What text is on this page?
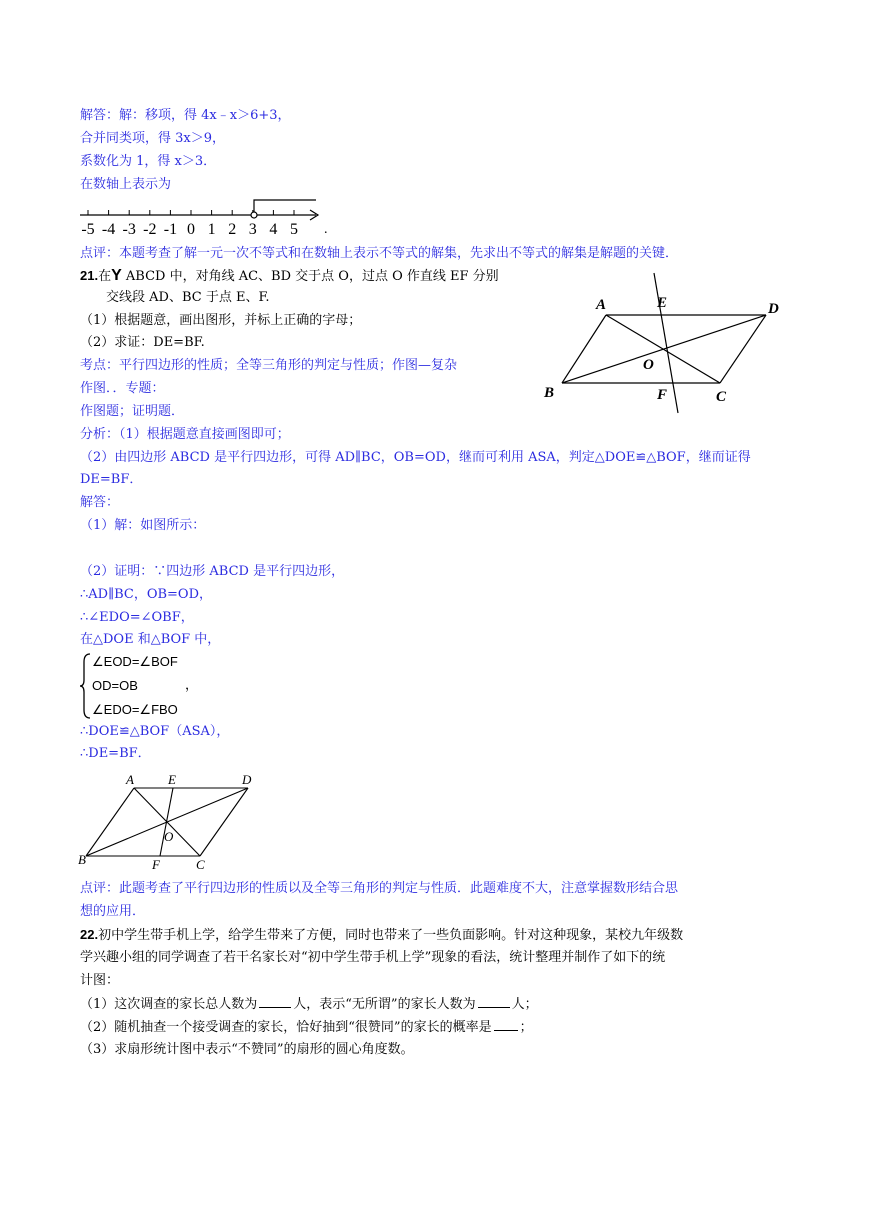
解答：解：移项，得 4x﹣x＞6+3，
合并同类项，得 3x＞9，
系数化为 1，得 x＞3．
在数轴上表示为
-5 -4 -3 -2 -1 0 1 2 3 4 5 .
点评：本题考查了解一元一次不等式和在数轴上表示不等式的解集，先求出不等式的解集是解题的关键．
21.在Y ABCD 中，对角线 AC、BD 交于点 O，过点 O 作直线 EF 分别
交线段 AD、BC 于点 E、F.
（1）根据题意，画出图形，并标上正确的字母；
（2）求证：DE=BF.
考点：平行四边形的性质；全等三角形的判定与性质；作图—复杂
作图．．专题：
作图题；证明题．
分析：（1）根据题意直接画图即可；
（2）由四边形 ABCD 是平行四边形，可得 AD∥BC，OB=OD，继而可利用 ASA，判定△DOE≌△BOF，继而证得
DE=BF．
解答：
（1）解：如图所示：
A	E	D
O
B	F	C
（2）证明：∵四边形 ABCD 是平行四边形，
∴AD∥BC，OB=OD，
∴∠EDO=∠OBF，
在△DOE 和△BOF 中，
∠EOD=∠BOF
OD=OB	，
∠EDO=∠FBO
∴DOE≌△BOF（ASA），
∴DE=BF．
A	E	D
O
B	F	C
点评：此题考查了平行四边形的性质以及全等三角形的判定与性质．此题难度不大，注意掌握数形结合思
想的应用．
22.初中学生带手机上学，给学生带来了方便，同时也带来了一些负面影响。针对这种现象，某校九年级数
学兴趣小组的同学调查了若干名家长对“初中学生带手机上学”现象的看法，统计整理并制作了如下的统
计图：
（1）这次调查的家长总人数为	人，表示“无所谓”的家长人数为	人；
（2）随机抽查一个接受调查的家长，恰好抽到“很赞同”的家长的概率是 ；
（3）求扇形统计图中表示“不赞同”的扇形的圆心角度数。
